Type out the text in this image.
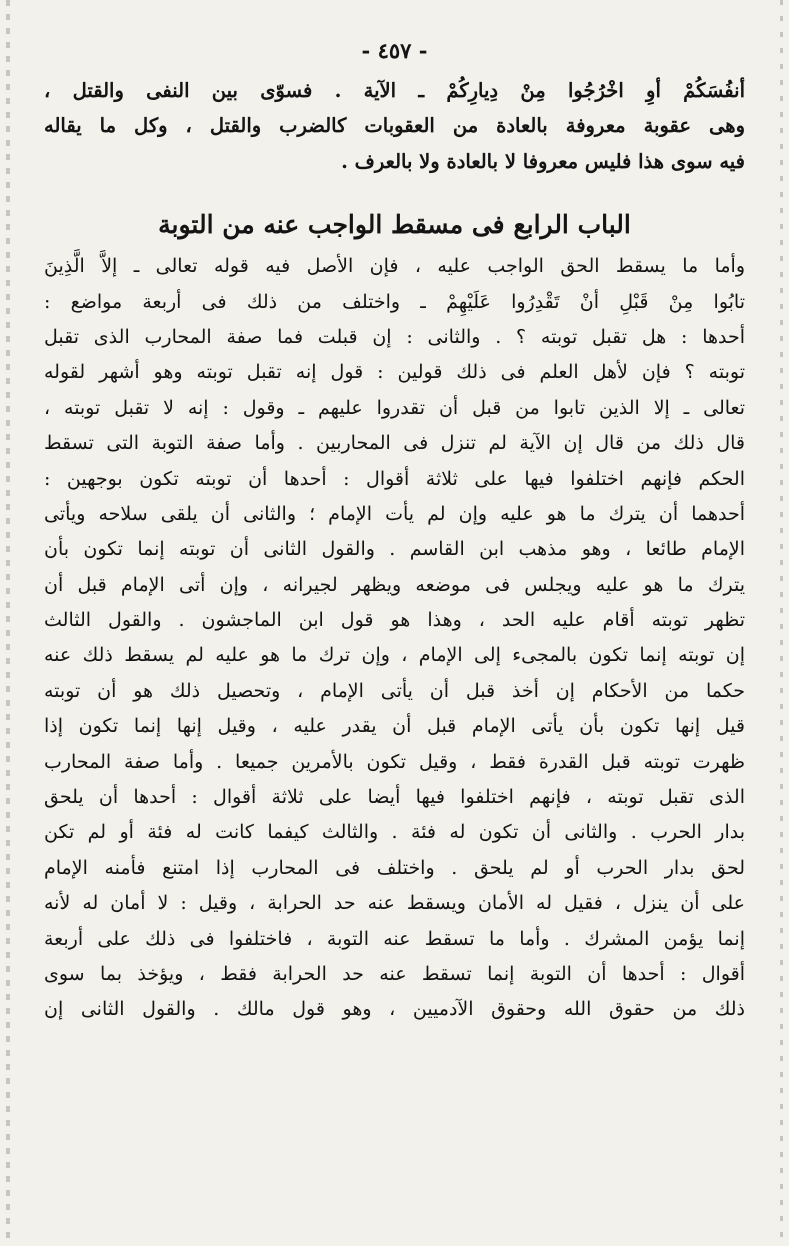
- ٤٥٧ -
أنفُسَكُمْ أوِ اخْرُجُوا مِنْ دِيارِكُمْ ـ الآية . فسوّى بين النفى والقتل ،
وهى عقوبة معروفة بالعادة من العقوبات كالضرب والقتل ، وكل ما يقاله
فيه سوى هذا فليس معروفا لا بالعادة ولا بالعرف .
الباب الرابع فى مسقط الواجب عنه من التوبة
وأما ما يسقط الحق الواجب عليه ، فإن الأصل فيه قوله تعالى ـ إلاَّ الَّذِينَ
تابُوا مِنْ قَبْلِ أنْ تَقْدِرُوا عَلَيْهِمْ ـ واختلف من ذلك فى أربعة مواضع :
أحدها : هل تقبل توبته ؟ . والثانى : إن قبلت فما صفة المحارب الذى تقبل
توبته ؟ فإن لأهل العلم فى ذلك قولين : قول إنه تقبل توبته وهو أشهر لقوله
تعالى ـ إلا الذين تابوا من قبل أن تقدروا عليهم ـ وقول : إنه لا تقبل توبته ،
قال ذلك من قال إن الآية لم تنزل فى المحاربين . وأما صفة التوبة التى تسقط
الحكم فإنهم اختلفوا فيها على ثلاثة أقوال : أحدها أن توبته تكون بوجهين :
أحدهما أن يترك ما هو عليه وإن لم يأت الإمام ؛ والثانى أن يلقى سلاحه ويأتى
الإمام طائعا ، وهو مذهب ابن القاسم . والقول الثانى أن توبته إنما تكون بأن
يترك ما هو عليه ويجلس فى موضعه ويظهر لجيرانه ، وإن أتى الإمام قبل أن
تظهر توبته أقام عليه الحد ، وهذا هو قول ابن الماجشون . والقول الثالث
إن توبته إنما تكون بالمجىء إلى الإمام ، وإن ترك ما هو عليه لم يسقط ذلك عنه
حكما من الأحكام إن أخذ قبل أن يأتى الإمام ، وتحصيل ذلك هو أن توبته
قيل إنها تكون بأن يأتى الإمام قبل أن يقدر عليه ، وقيل إنها إنما تكون إذا
ظهرت توبته قبل القدرة فقط ، وقيل تكون بالأمرين جميعا . وأما صفة المحارب
الذى تقبل توبته ، فإنهم اختلفوا فيها أيضا على ثلاثة أقوال : أحدها أن يلحق
بدار الحرب . والثانى أن تكون له فئة . والثالث كيفما كانت له فئة أو لم تكن
لحق بدار الحرب أو لم يلحق . واختلف فى المحارب إذا امتنع فأمنه الإمام
على أن ينزل ، فقيل له الأمان ويسقط عنه حد الحرابة ، وقيل : لا أمان له لأنه
إنما يؤمن المشرك . وأما ما تسقط عنه التوبة ، فاختلفوا فى ذلك على أربعة
أقوال : أحدها أن التوبة إنما تسقط عنه حد الحرابة فقط ، ويؤخذ بما سوى
ذلك من حقوق الله وحقوق الآدميين ، وهو قول مالك . والقول الثانى إن
